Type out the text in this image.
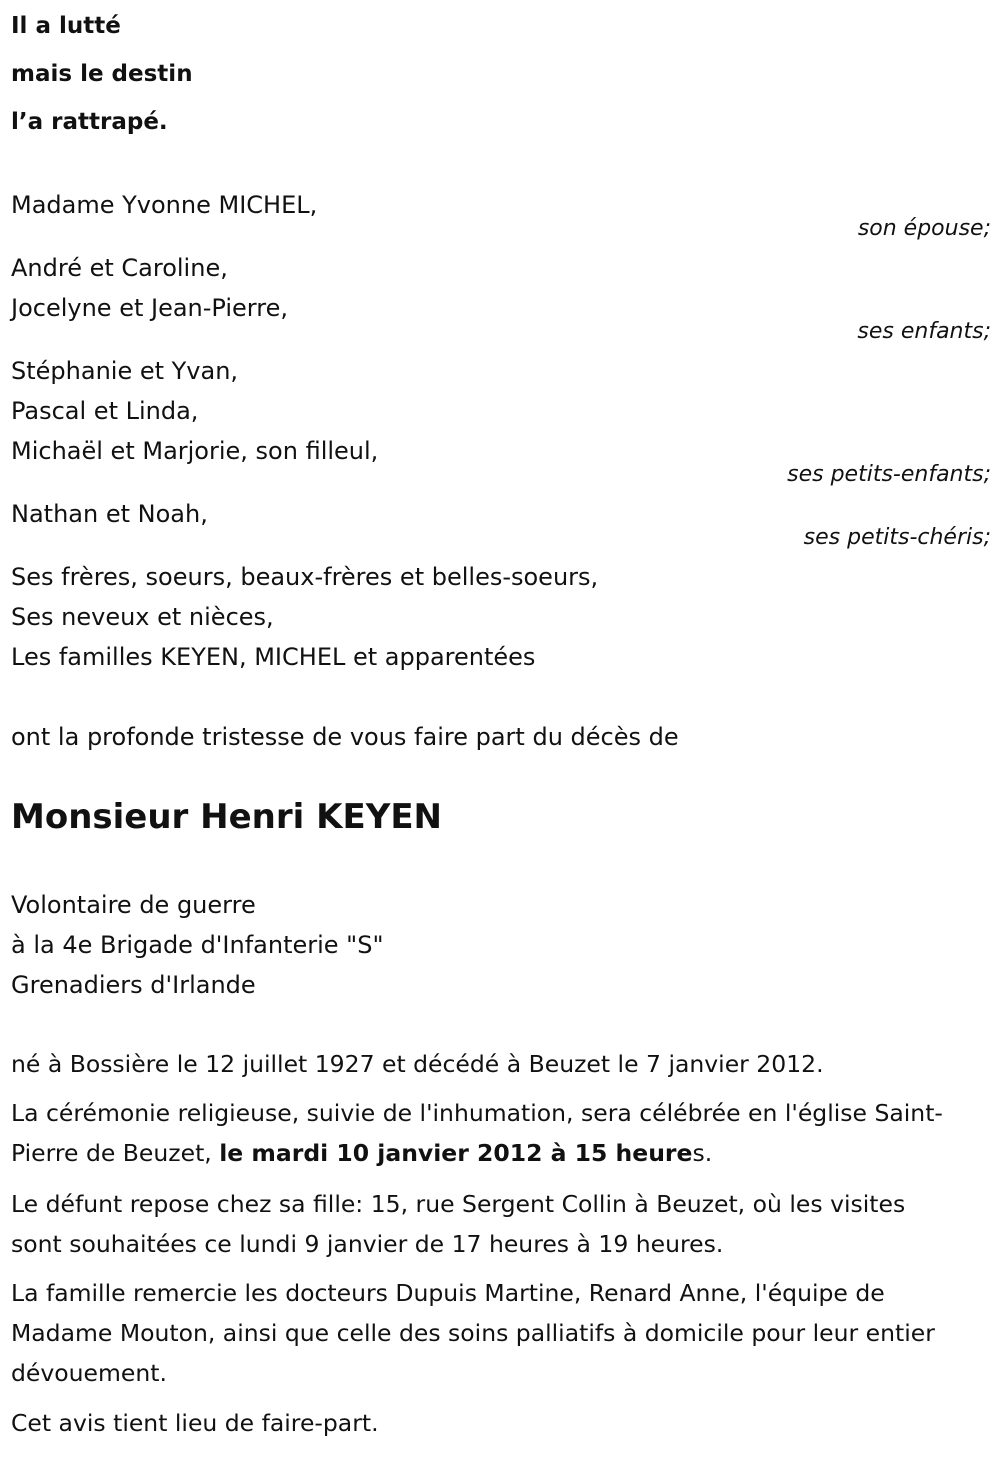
Il a lutté
mais le destin
l’a rattrapé.
Madame Yvonne MICHEL,
son épouse;
André et Caroline,
Jocelyne et Jean-Pierre,
ses enfants;
Stéphanie et Yvan,
Pascal et Linda,
Michaël et Marjorie, son filleul,
ses petits-enfants;
Nathan et Noah,
ses petits-chéris;
Ses frères, soeurs, beaux-frères et belles-soeurs,
Ses neveux et nièces,
Les familles KEYEN, MICHEL et apparentées
ont la profonde tristesse de vous faire part du décès de
Monsieur Henri KEYEN
Volontaire de guerre
à la 4e Brigade d'Infanterie "S"
Grenadiers d'Irlande

né à Bossière le 12 juillet 1927 et décédé à Beuzet le 7 janvier 2012.

La cérémonie religieuse, suivie de l'inhumation, sera célébrée en l'église Saint-Pierre de Beuzet, le mardi 10 janvier 2012 à 15 heures.

Le défunt repose chez sa fille: 15, rue Sergent Collin à Beuzet, où les visites sont souhaitées ce lundi 9 janvier de 17 heures à 19 heures.

La famille remercie les docteurs Dupuis Martine, Renard Anne, l'équipe de Madame Mouton, ainsi que celle des soins palliatifs à domicile pour leur entier dévouement.

Cet avis tient lieu de faire-part.
